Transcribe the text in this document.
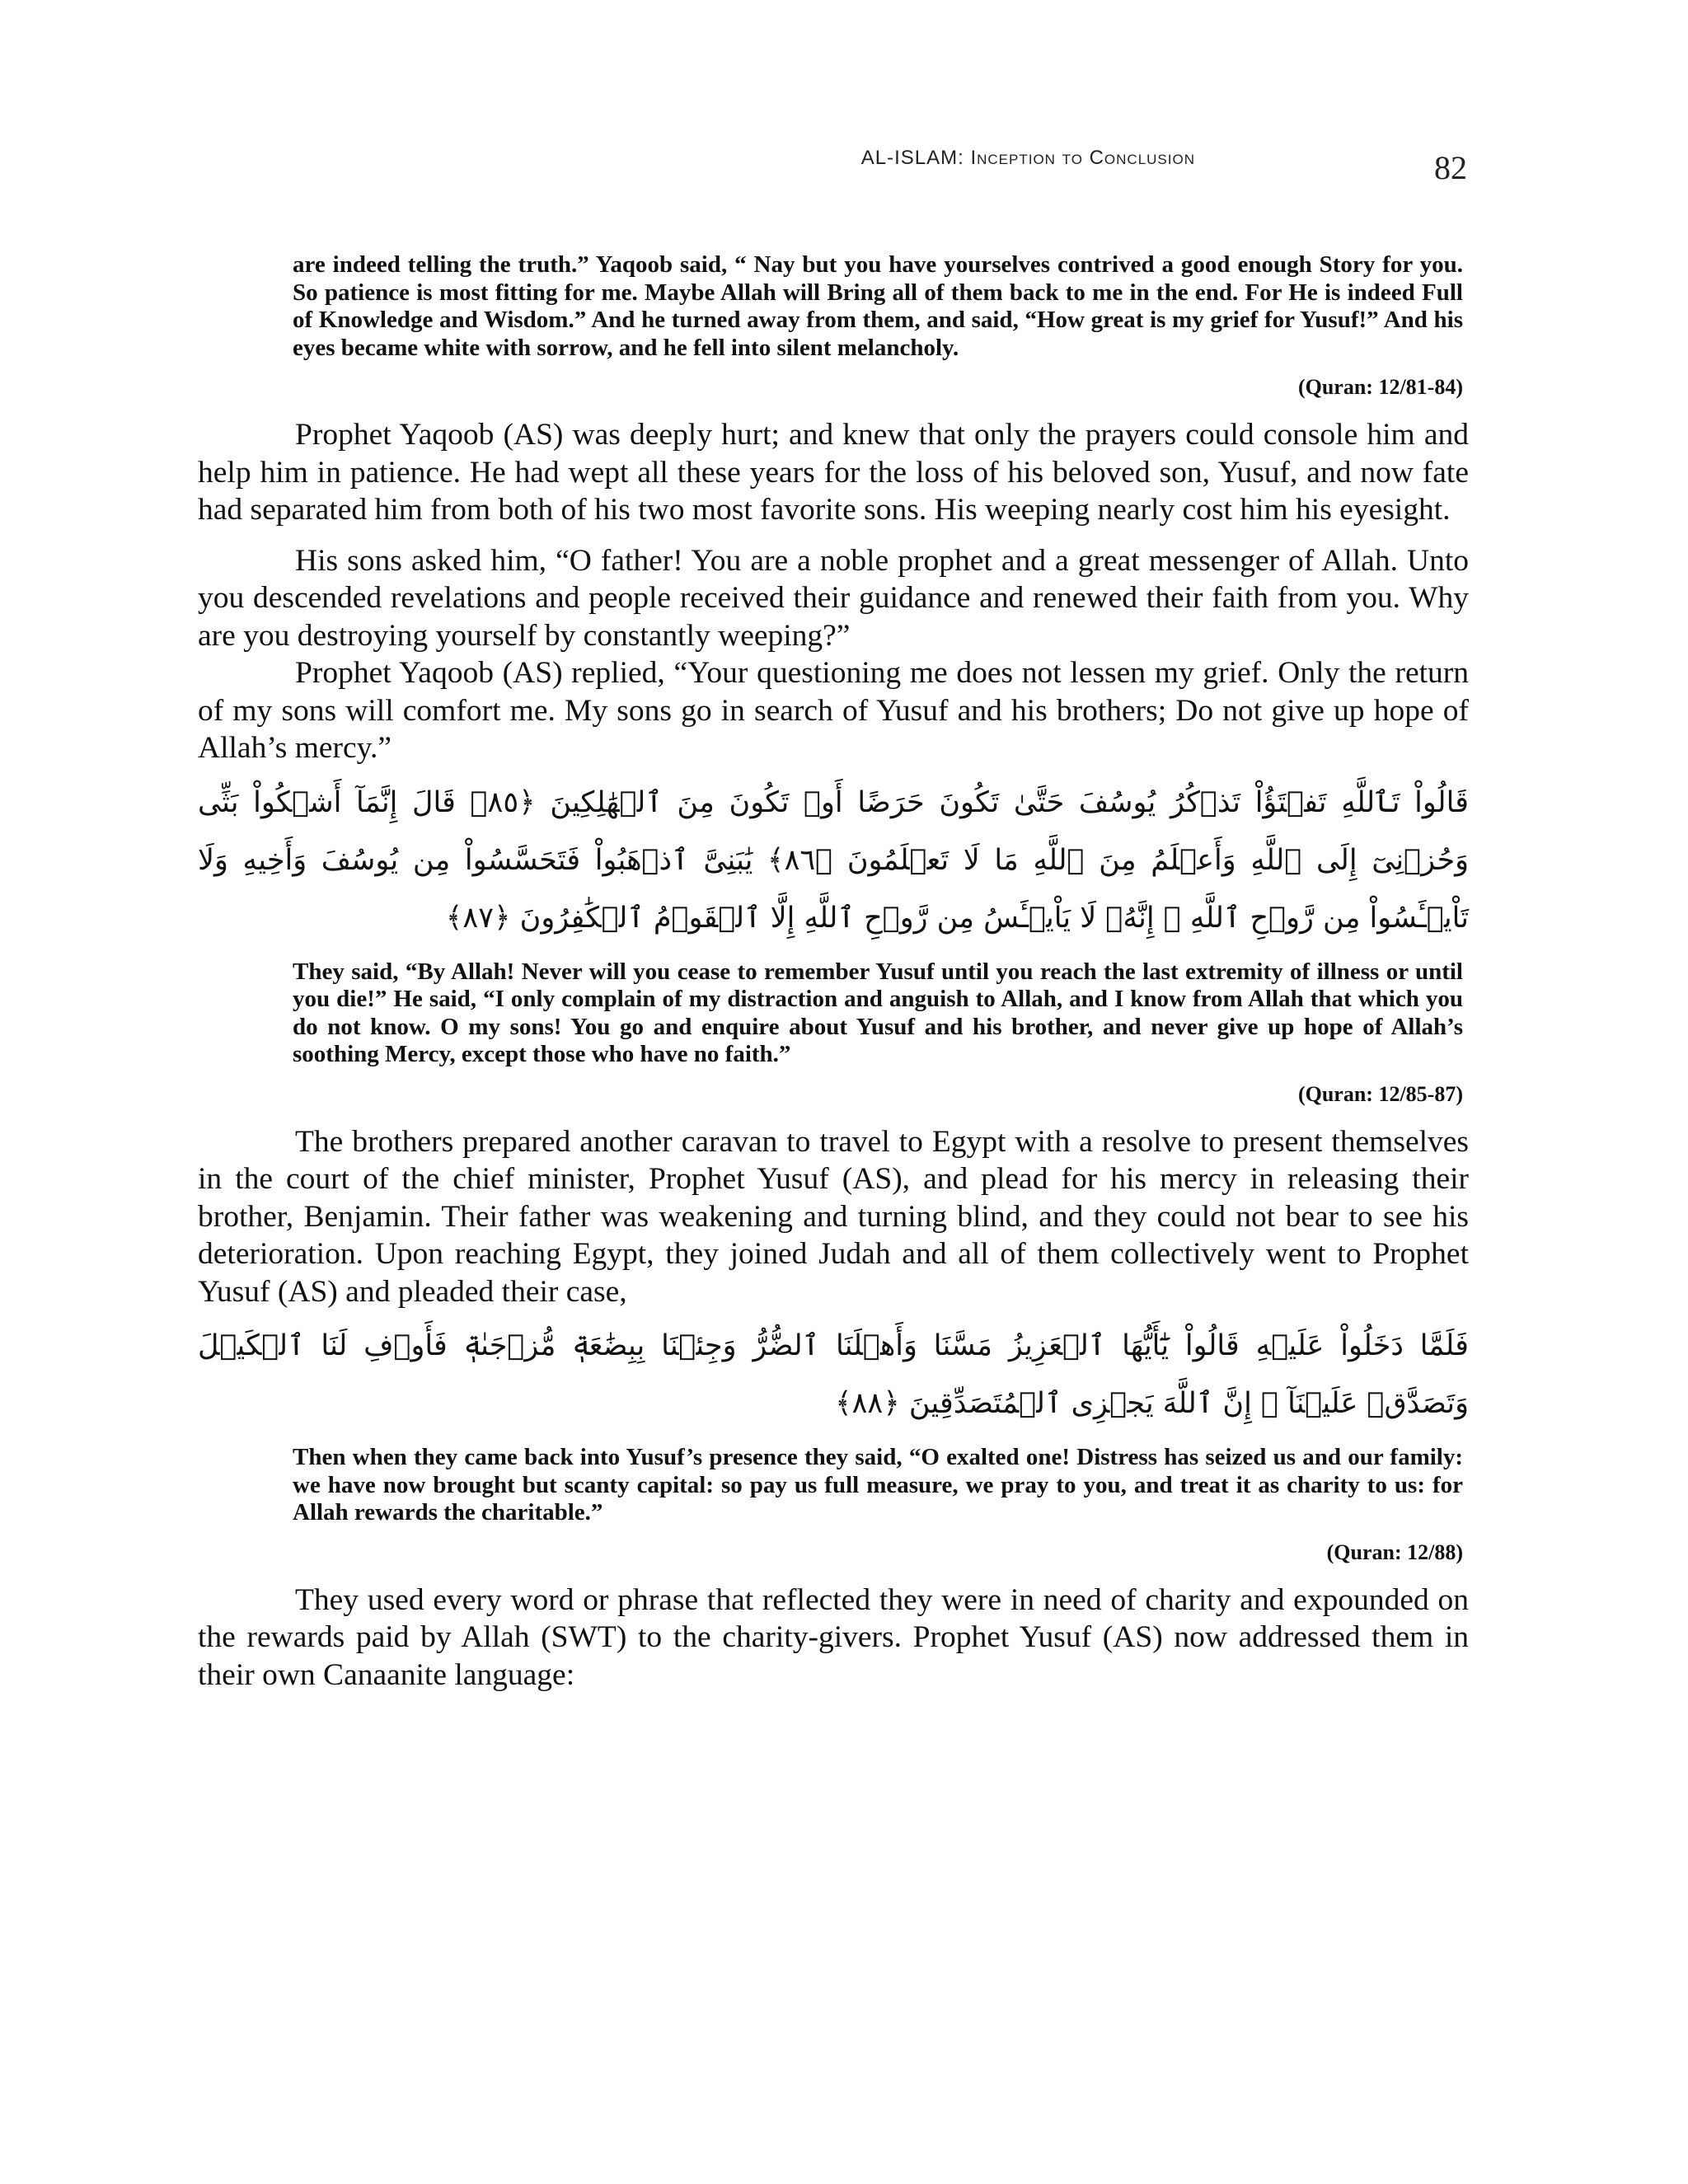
AL-ISLAM: Inception to Conclusion	82

are indeed telling the truth.” Yaqoob said, “ Nay but you have yourselves contrived a good enough Story for you. So patience is most fitting for me. Maybe Allah will Bring all of them back to me in the end. For He is indeed Full of Knowledge and Wisdom.” And he turned away from them, and said, “How great is my grief for Yusuf!” And his eyes became white with sorrow, and he fell into silent melancholy.

(Quran: 12/81-84)

Prophet Yaqoob (AS) was deeply hurt; and knew that only the prayers could console him and help him in patience. He had wept all these years for the loss of his beloved son, Yusuf, and now fate had separated him from both of his two most favorite sons. His weeping nearly cost him his eyesight.

His sons asked him, “O father! You are a noble prophet and a great messenger of Allah. Unto you descended revelations and people received their guidance and renewed their faith from you. Why are you destroying yourself by constantly weeping?”

Prophet Yaqoob (AS) replied, “Your questioning me does not lessen my grief. Only the return of my sons will comfort me. My sons go in search of Yusuf and his brothers; Do not give up hope of Allah’s mercy.”

قَالُواْ تَٱللَّهِ تَفۡتَؤُاْ تَذۡكُرُ يُوسُفَ حَتَّىٰ تَكُونَ حَرَضًا أَوۡ تَكُونَ مِنَ ٱلۡهَٰلِكِينَ ﴿٨٥﴾ قَالَ إِنَّمَآ أَشۡكُواْ بَثِّى وَحُزۡنِىٓ إِلَى ٱللَّهِ وَأَعۡلَمُ مِنَ ٱللَّهِ مَا لَا تَعۡلَمُونَ ﴿٨٦﴾ يَٰبَنِىَّ ٱذۡهَبُواْ فَتَحَسَّسُواْ مِن يُوسُفَ وَأَخِيهِ وَلَا تَاْيۡـَٔسُواْ مِن رَّوۡحِ ٱللَّهِ ۖ إِنَّهُۥ لَا يَاْيۡـَٔسُ مِن رَّوۡحِ ٱللَّهِ إِلَّا ٱلۡقَوۡمُ ٱلۡكَٰفِرُونَ ﴿٨٧﴾

They said, “By Allah! Never will you cease to remember Yusuf until you reach the last extremity of illness or until you die!” He said, “I only complain of my distraction and anguish to Allah, and I know from Allah that which you do not know. O my sons! You go and enquire about Yusuf and his brother, and never give up hope of Allah’s soothing Mercy, except those who have no faith.”

(Quran: 12/85-87)

The brothers prepared another caravan to travel to Egypt with a resolve to present themselves in the court of the chief minister, Prophet Yusuf (AS), and plead for his mercy in releasing their brother, Benjamin. Their father was weakening and turning blind, and they could not bear to see his deterioration. Upon reaching Egypt, they joined Judah and all of them collectively went to Prophet Yusuf (AS) and pleaded their case,

فَلَمَّا دَخَلُواْ عَلَيۡهِ قَالُواْ يَٰٓأَيُّهَا ٱلۡعَزِيزُ مَسَّنَا وَأَهۡلَنَا ٱلضُّرُّ وَجِئۡنَا بِبِضَٰعَةٖ مُّزۡجَىٰةٖ فَأَوۡفِ لَنَا ٱلۡكَيۡلَ وَتَصَدَّقۡ عَلَيۡنَآ ۖ إِنَّ ٱللَّهَ يَجۡزِى ٱلۡمُتَصَدِّقِينَ ﴿٨٨﴾

Then when they came back into Yusuf’s presence they said, “O exalted one! Distress has seized us and our family: we have now brought but scanty capital: so pay us full measure, we pray to you, and treat it as charity to us: for Allah rewards the charitable.”

(Quran: 12/88)

They used every word or phrase that reflected they were in need of charity and expounded on the rewards paid by Allah (SWT) to the charity-givers. Prophet Yusuf (AS) now addressed them in their own Canaanite language:
